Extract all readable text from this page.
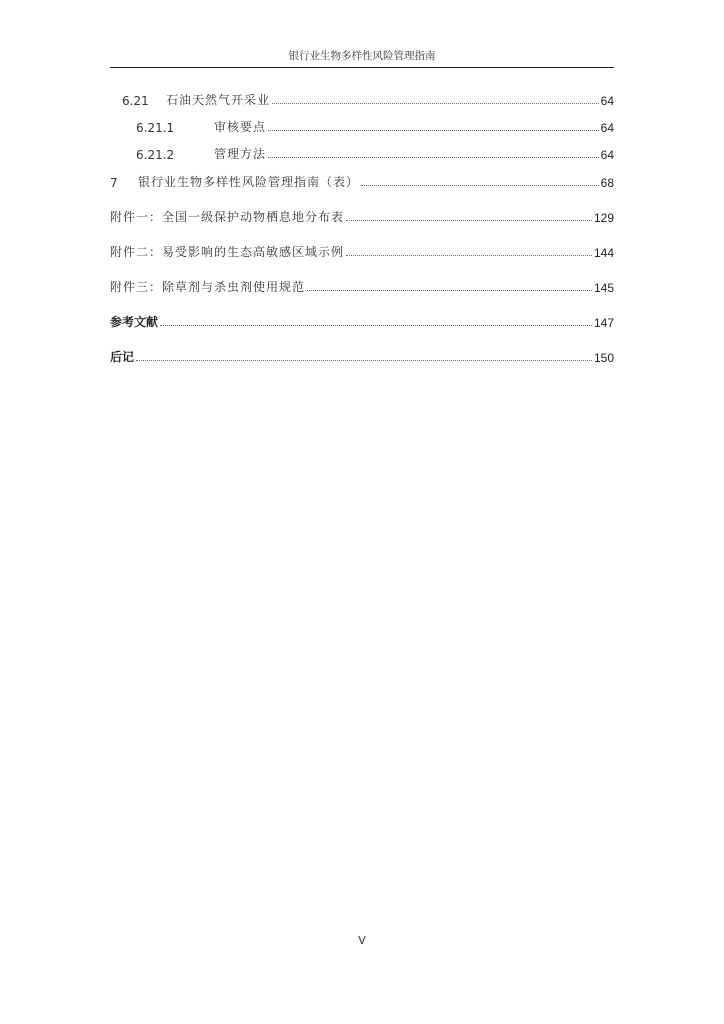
银行业生物多样性风险管理指南
6.21	石油天然气开采业	64
6.21.1	审核要点	64
6.21.2	管理方法	64
7	银行业生物多样性风险管理指南（表）	68
附件一：全国一级保护动物栖息地分布表	129
附件二：易受影响的生态高敏感区域示例	144
附件三：除草剂与杀虫剂使用规范	145
参考文献	147
后记	150
V
